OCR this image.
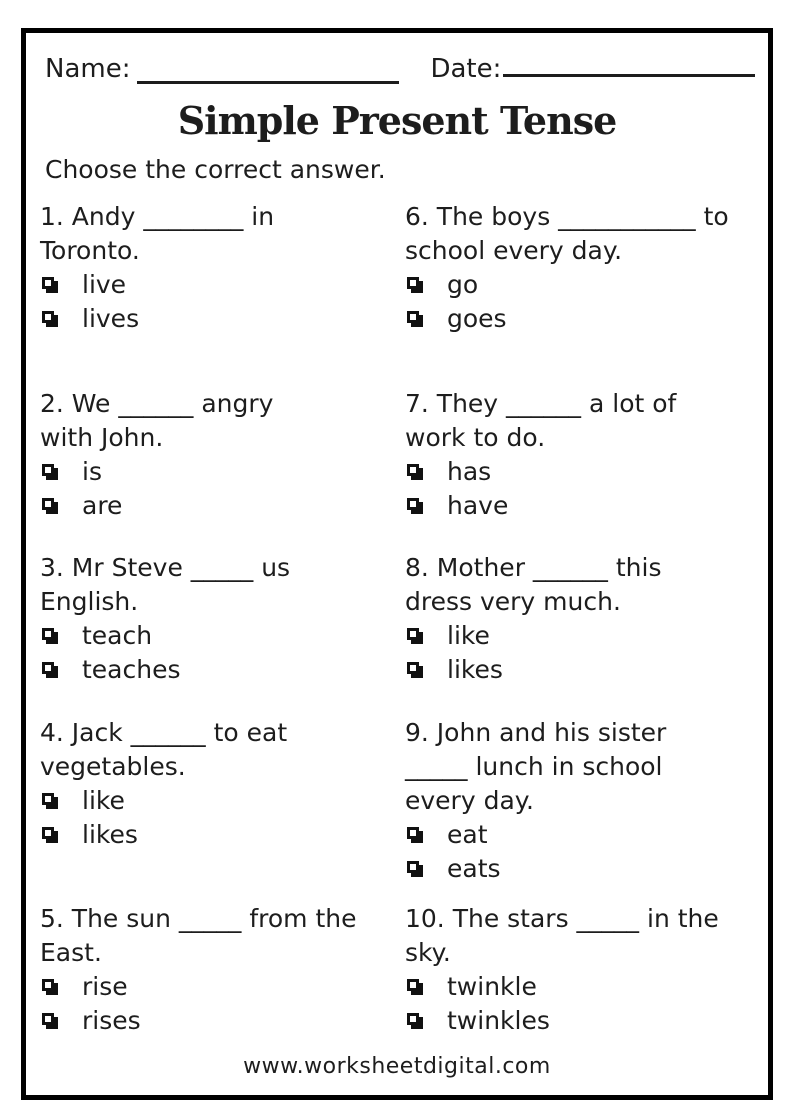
Name:	Date:
Simple Present Tense
Choose the correct answer.
1. Andy ________ in
Toronto.
live
lives
6. The boys ___________ to
school every day.
go
goes
2. We ______ angry
with John.
is
are
7. They ______ a lot of
work to do.
has
have
3. Mr Steve _____ us
English.
teach
teaches
8. Mother ______ this
dress very much.
like
likes
4. Jack ______ to eat
vegetables.
like
likes
9. John and his sister
_____ lunch in school
every day.
eat
eats
5. The sun _____ from the
East.
rise
rises
10. The stars _____ in the
sky.
twinkle
twinkles
www.worksheetdigital.com
